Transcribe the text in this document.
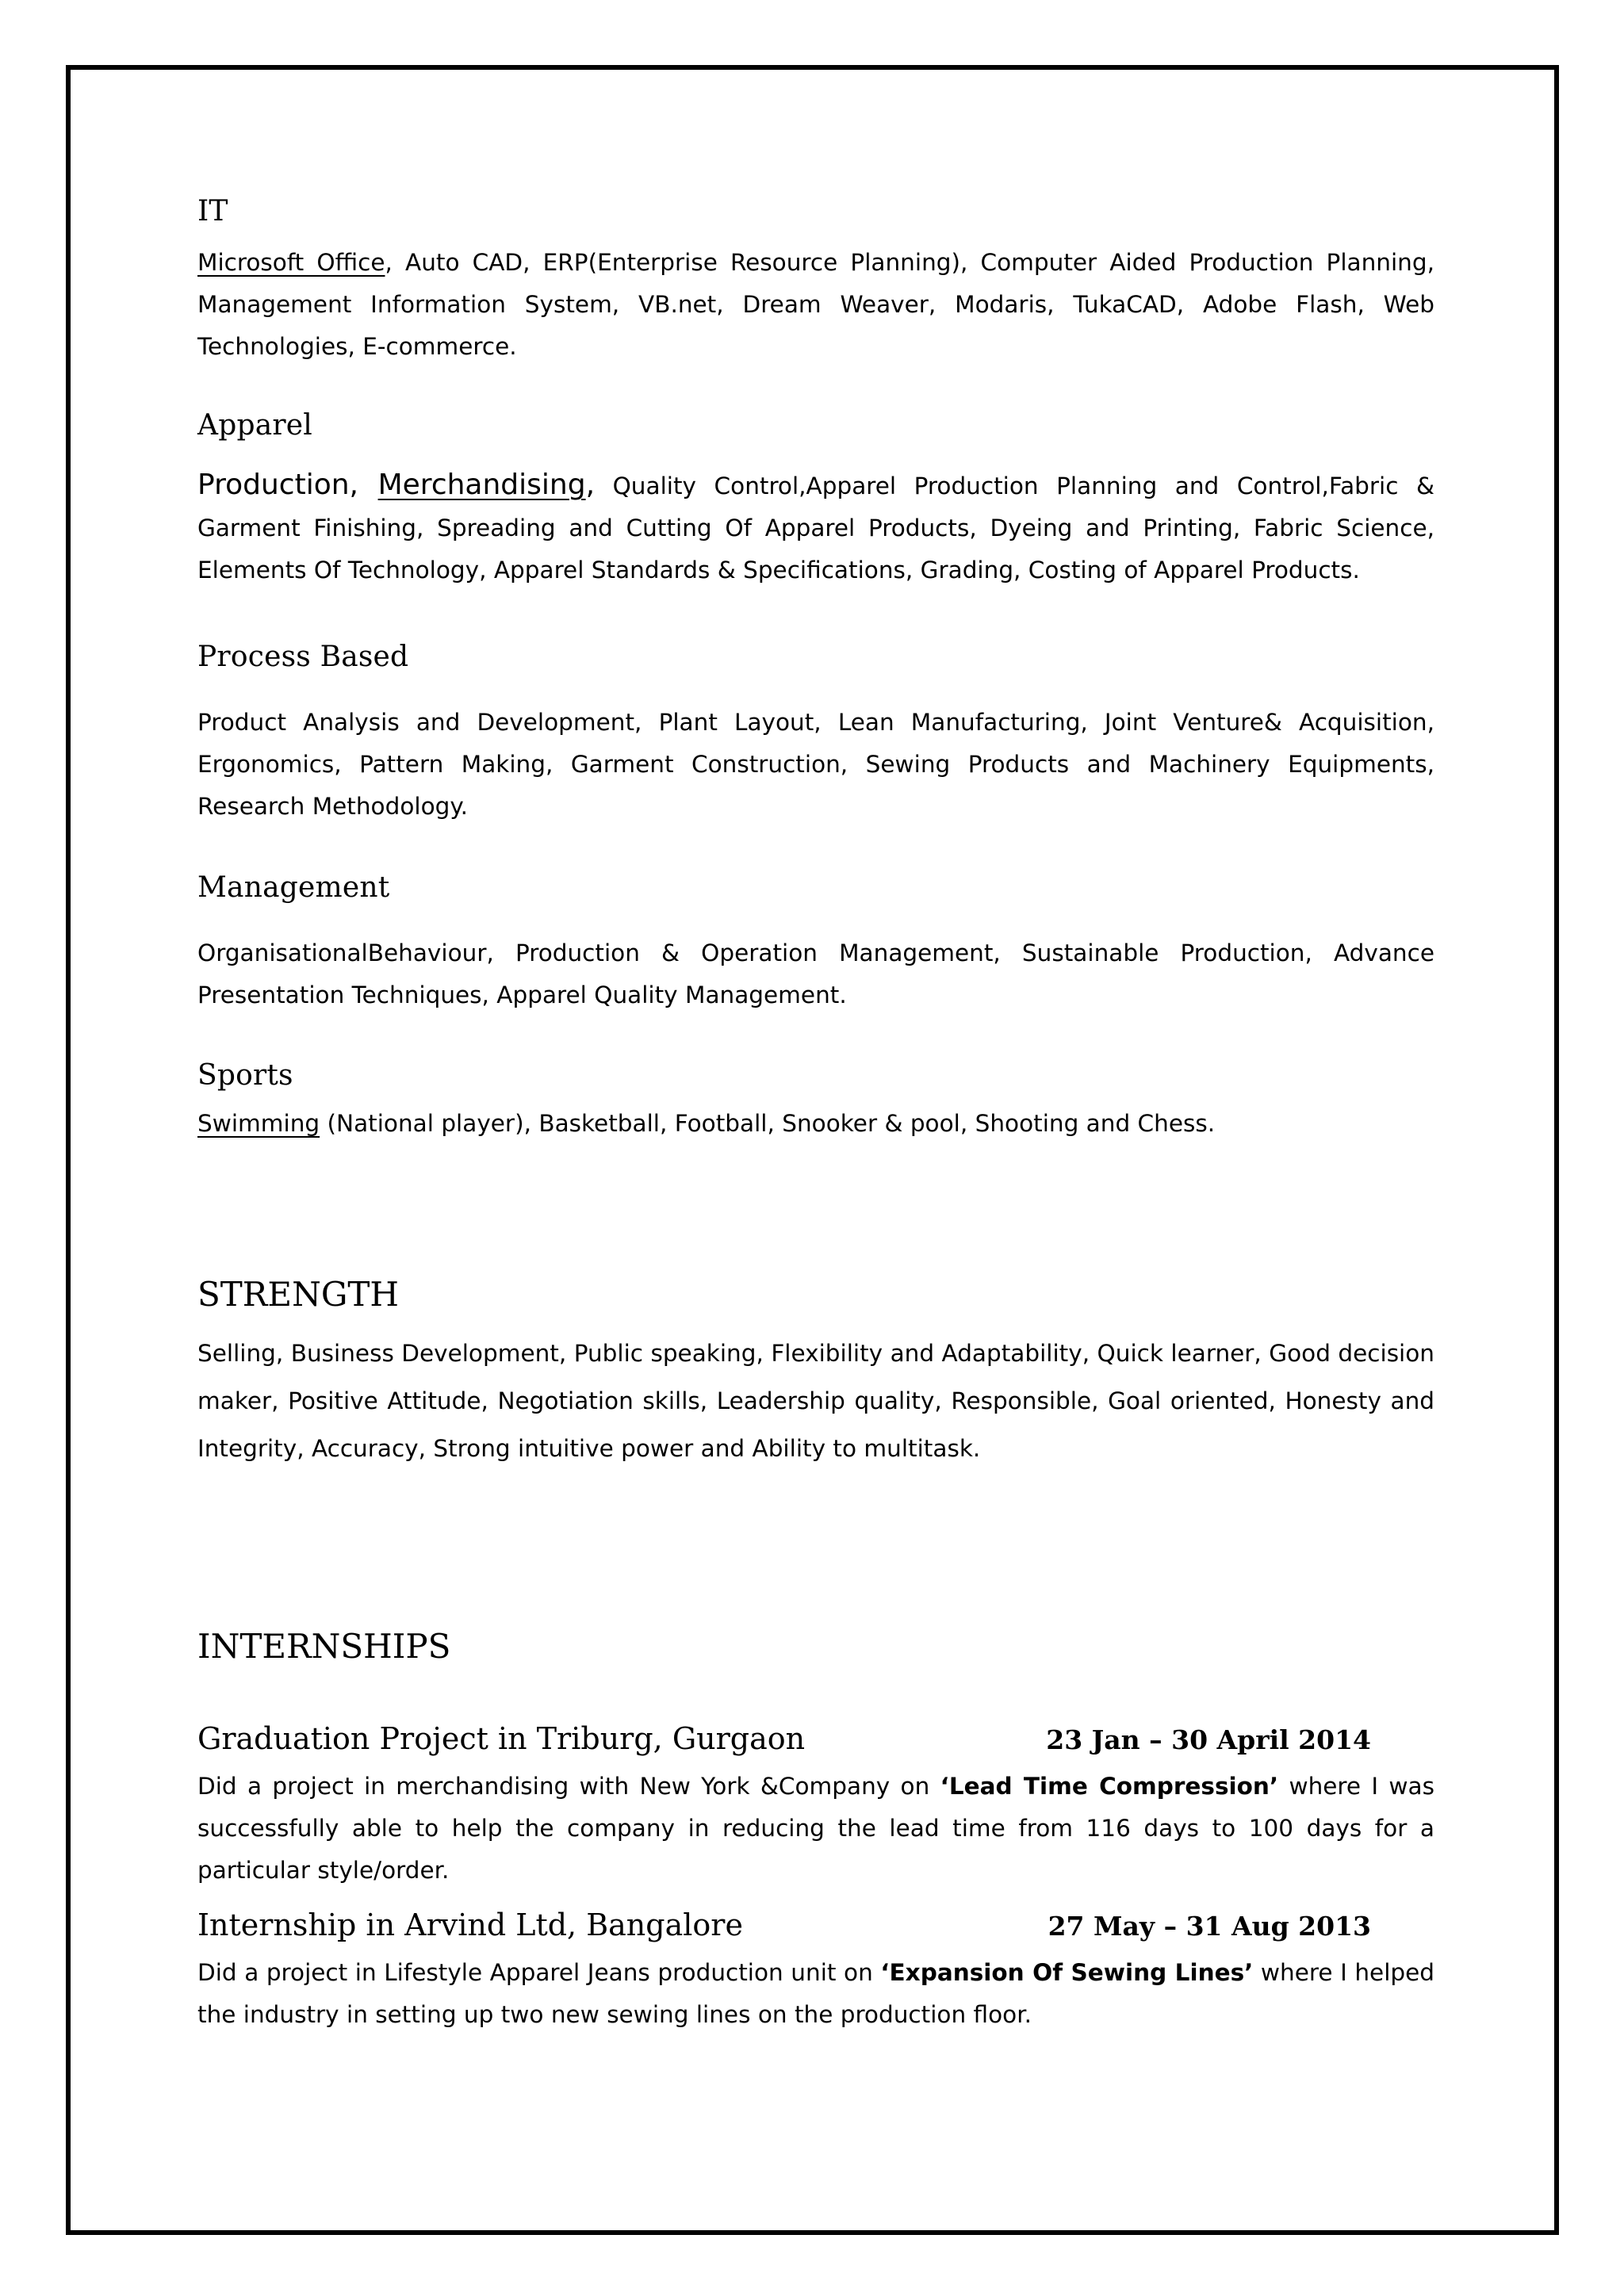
IT

Microsoft Office, Auto CAD, ERP(Enterprise Resource Planning), Computer Aided Production Planning, Management Information System, VB.net, Dream Weaver, Modaris, TukaCAD, Adobe Flash, Web Technologies, E-commerce.

Apparel

Production, Merchandising, Quality Control,Apparel Production Planning and Control,Fabric & Garment Finishing, Spreading and Cutting Of Apparel Products, Dyeing and Printing, Fabric Science, Elements Of Technology, Apparel Standards & Specifications, Grading, Costing of Apparel Products.

Process Based

Product Analysis and Development, Plant Layout, Lean Manufacturing, Joint Venture& Acquisition, Ergonomics, Pattern Making, Garment Construction, Sewing Products and Machinery Equipments, Research Methodology.

Management

OrganisationalBehaviour, Production & Operation Management, Sustainable Production, Advance Presentation Techniques, Apparel Quality Management.

Sports

Swimming (National player), Basketball, Football, Snooker & pool, Shooting and Chess.

STRENGTH

Selling, Business Development, Public speaking, Flexibility and Adaptability, Quick learner, Good decision maker, Positive Attitude, Negotiation skills, Leadership quality, Responsible, Goal oriented, Honesty and Integrity, Accuracy, Strong intuitive power and Ability to multitask.

INTERNSHIPS
Graduation Project in Triburg, Gurgaon	23 Jan – 30 April 2014

Did a project in merchandising with New York &Company on ‘Lead Time Compression’ where I was successfully able to help the company in reducing the lead time from 116 days to 100 days for a particular style/order.

Internship in Arvind Ltd, Bangalore	27 May – 31 Aug 2013

Did a project in Lifestyle Apparel Jeans production unit on ‘Expansion Of Sewing Lines’ where I helped the industry in setting up two new sewing lines on the production floor.
